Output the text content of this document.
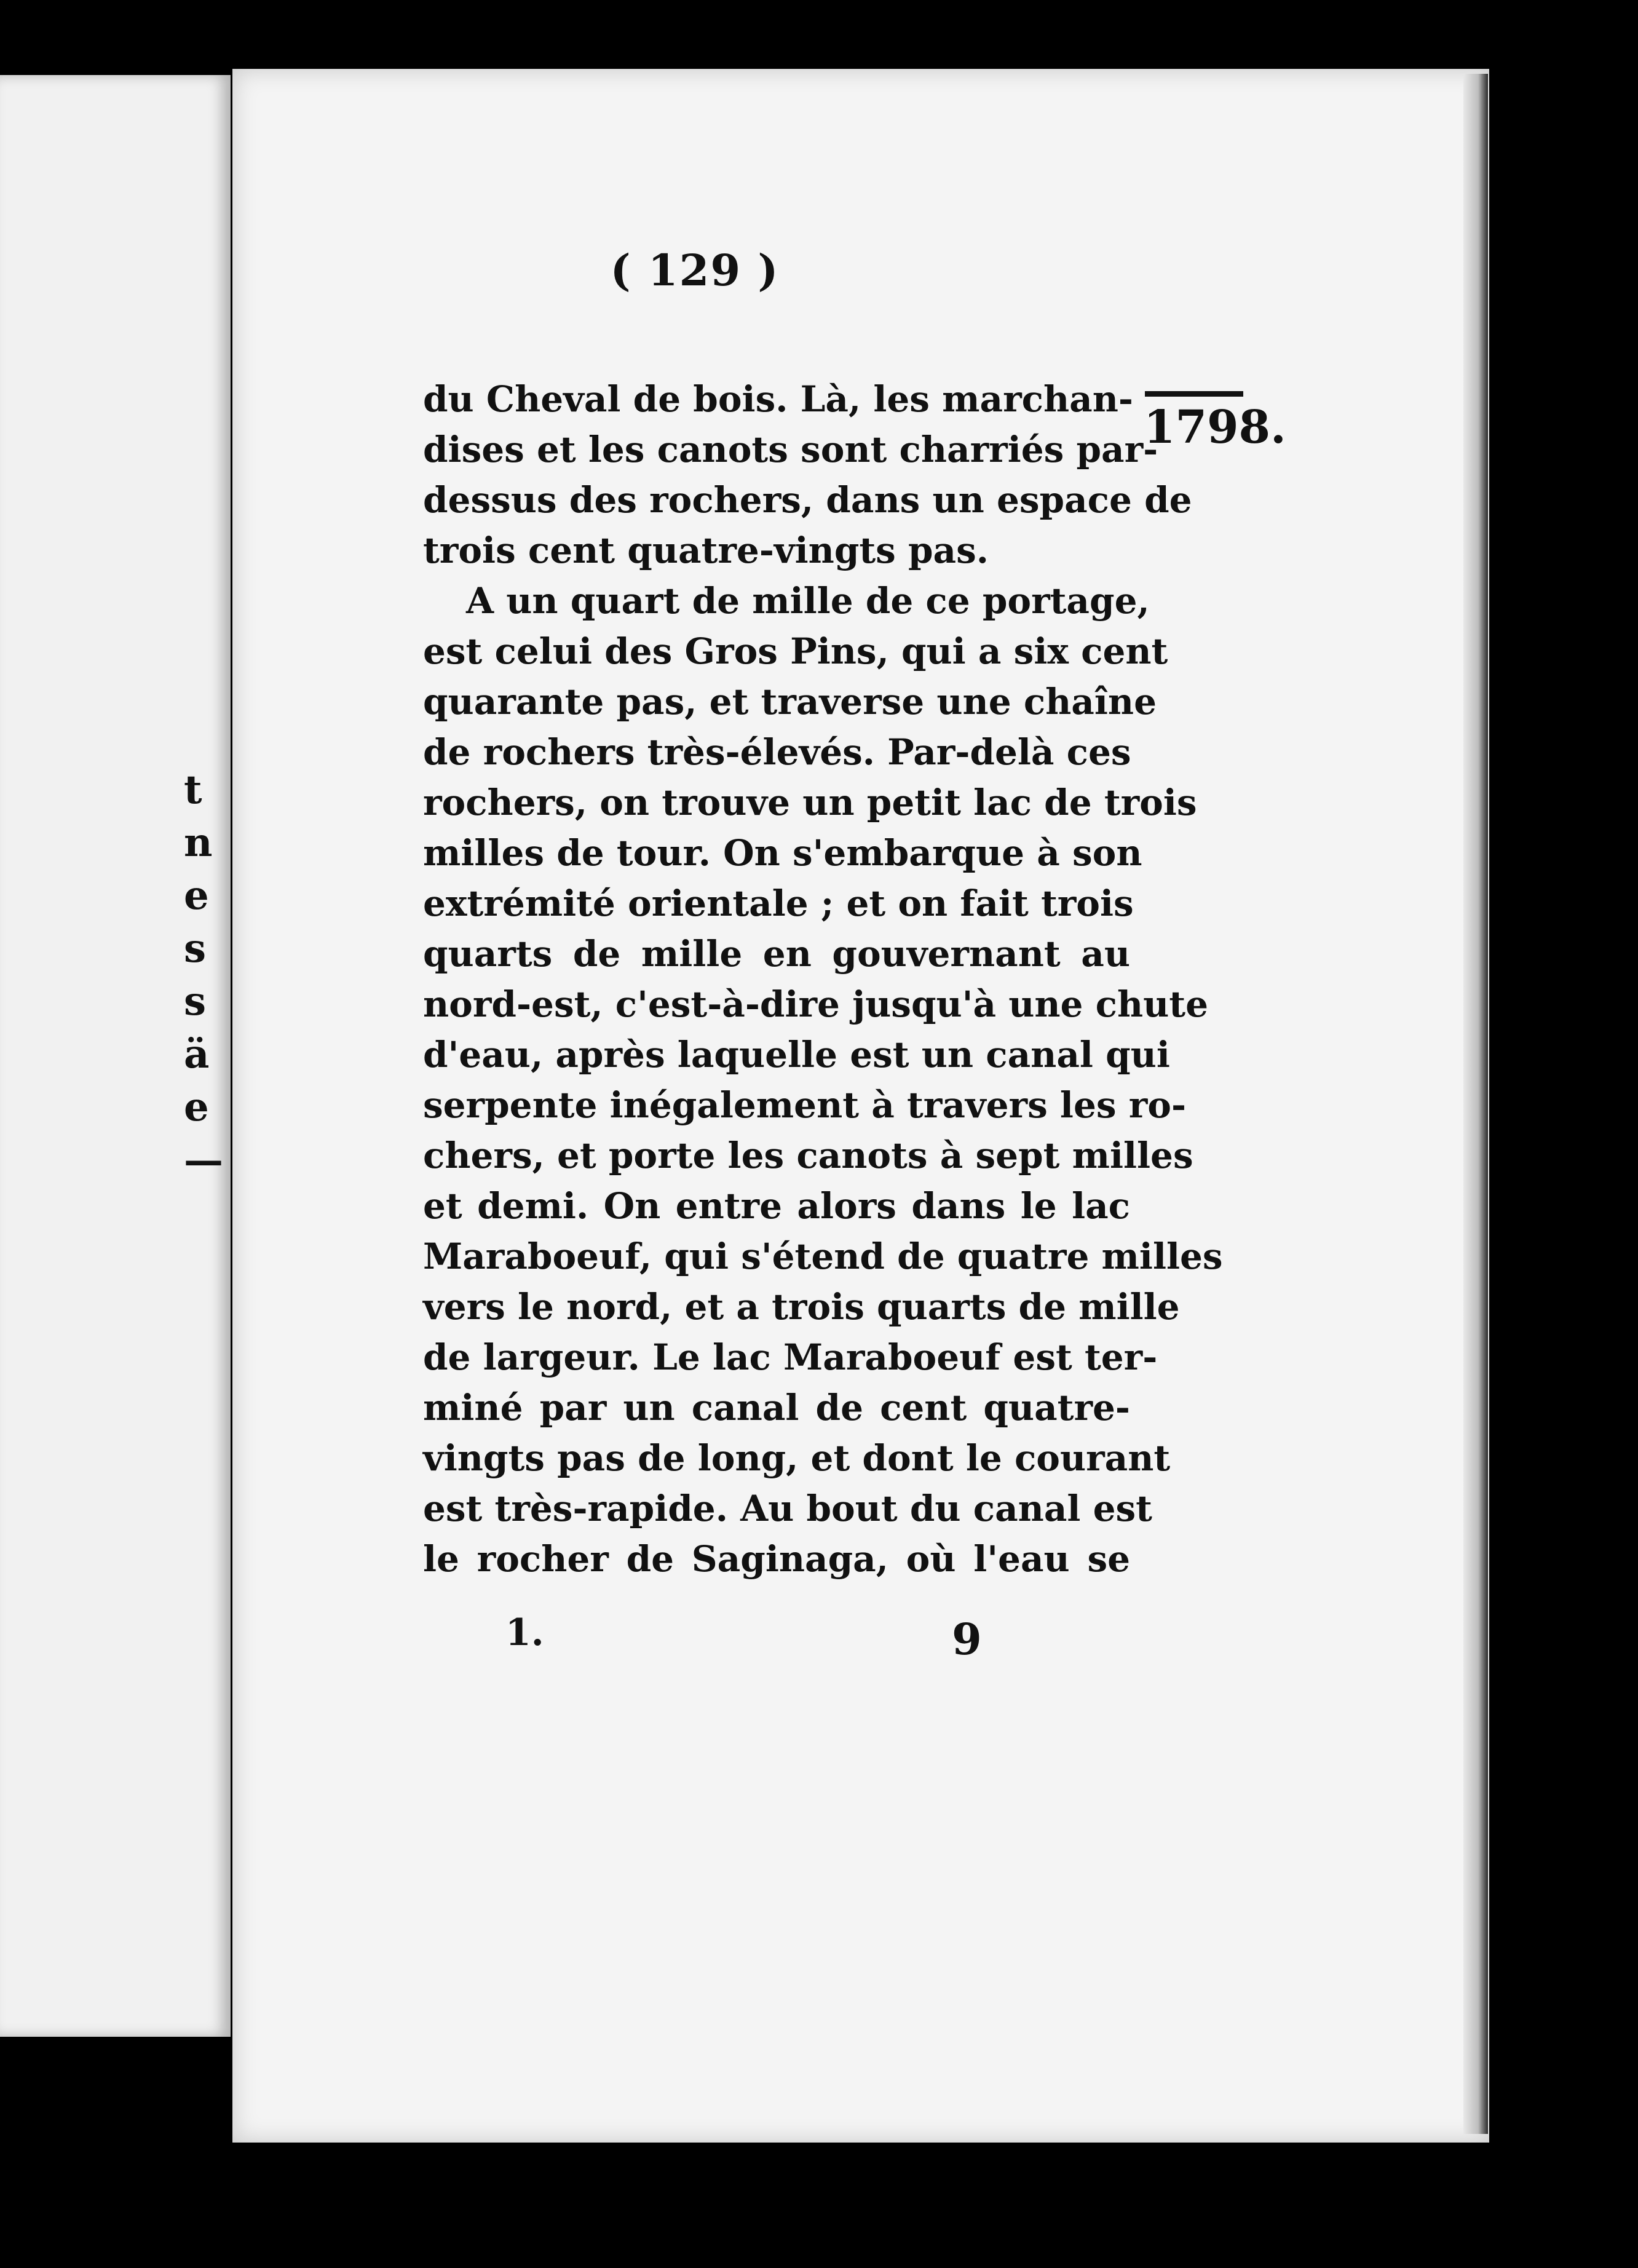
t
n
e
s
s
ä
e
—
( 129 )
1798.
du Cheval de bois. Là, les marchan-
dises et les canots sont charriés par-
dessus des rochers, dans un espace de
trois cent quatre-vingts pas.
A un quart de mille de ce portage,
est celui des Gros Pins, qui a six cent
quarante pas, et traverse une chaîne
de rochers très-élevés. Par-delà ces
rochers, on trouve un petit lac de trois
milles de tour. On s'embarque à son
extrémité orientale ; et on fait trois
quarts de mille en gouvernant au
nord-est, c'est-à-dire jusqu'à une chute
d'eau, après laquelle est un canal qui
serpente inégalement à travers les ro-
chers, et porte les canots à sept milles
et demi. On entre alors dans le lac
Maraboeuf, qui s'étend de quatre milles
vers le nord, et a trois quarts de mille
de largeur. Le lac Maraboeuf est ter-
miné par un canal de cent quatre-
vingts pas de long, et dont le courant
est très-rapide. Au bout du canal est
le rocher de Saginaga, où l'eau se
1.	9
